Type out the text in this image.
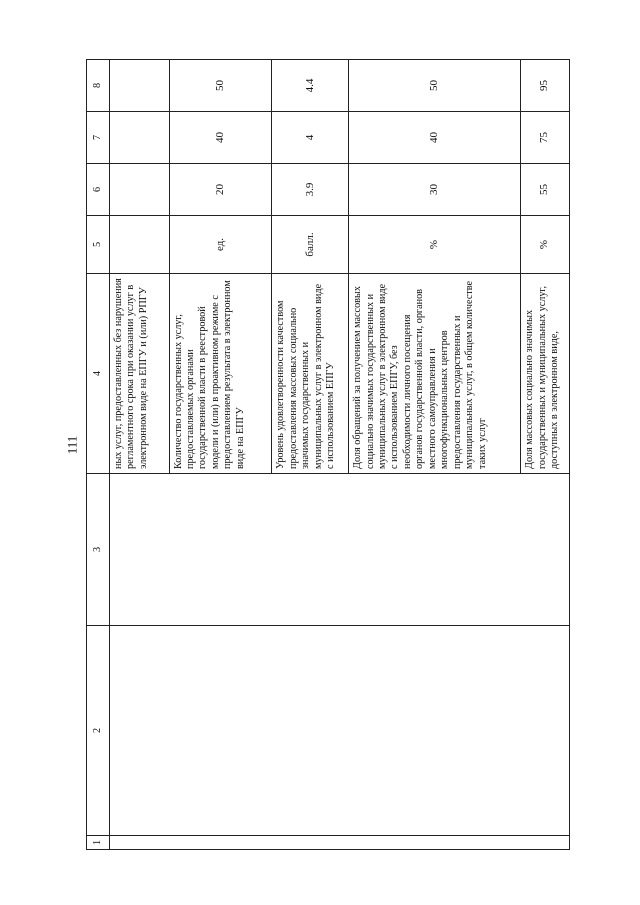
111
1	2	3	4	5	6	7	8
			ных услуг, предоставленных без нарушения регламентного срока при оказании услуг в электронном виде на ЕПГУ и (или) РПГУ				
			Количество государственных услуг, предоставляемых органами государственной власти в реестровой модели и (или) в проактивном режиме с предоставлением результата в электронном виде на ЕПГУ	ед.	20	40	50
			Уровень удовлетворенности качеством предоставления массовых социально значимых государственных и муниципальных услуг в электронном виде с использованием ЕПГУ	балл.	3.9	4	4.4
			Доля обращений за получением массовых социально значимых государственных и муниципальных услуг в электронном виде с использованием ЕПГУ, без необходимости личного посещения органов государственной власти, органов местного самоуправления и многофункциональных центров предоставления государственных и муниципальных услуг, в общем количестве таких услуг	%	30	40	50
			Доля массовых социально значимых государственных и муниципальных услуг, доступных в электронном виде,	%	55	75	95
